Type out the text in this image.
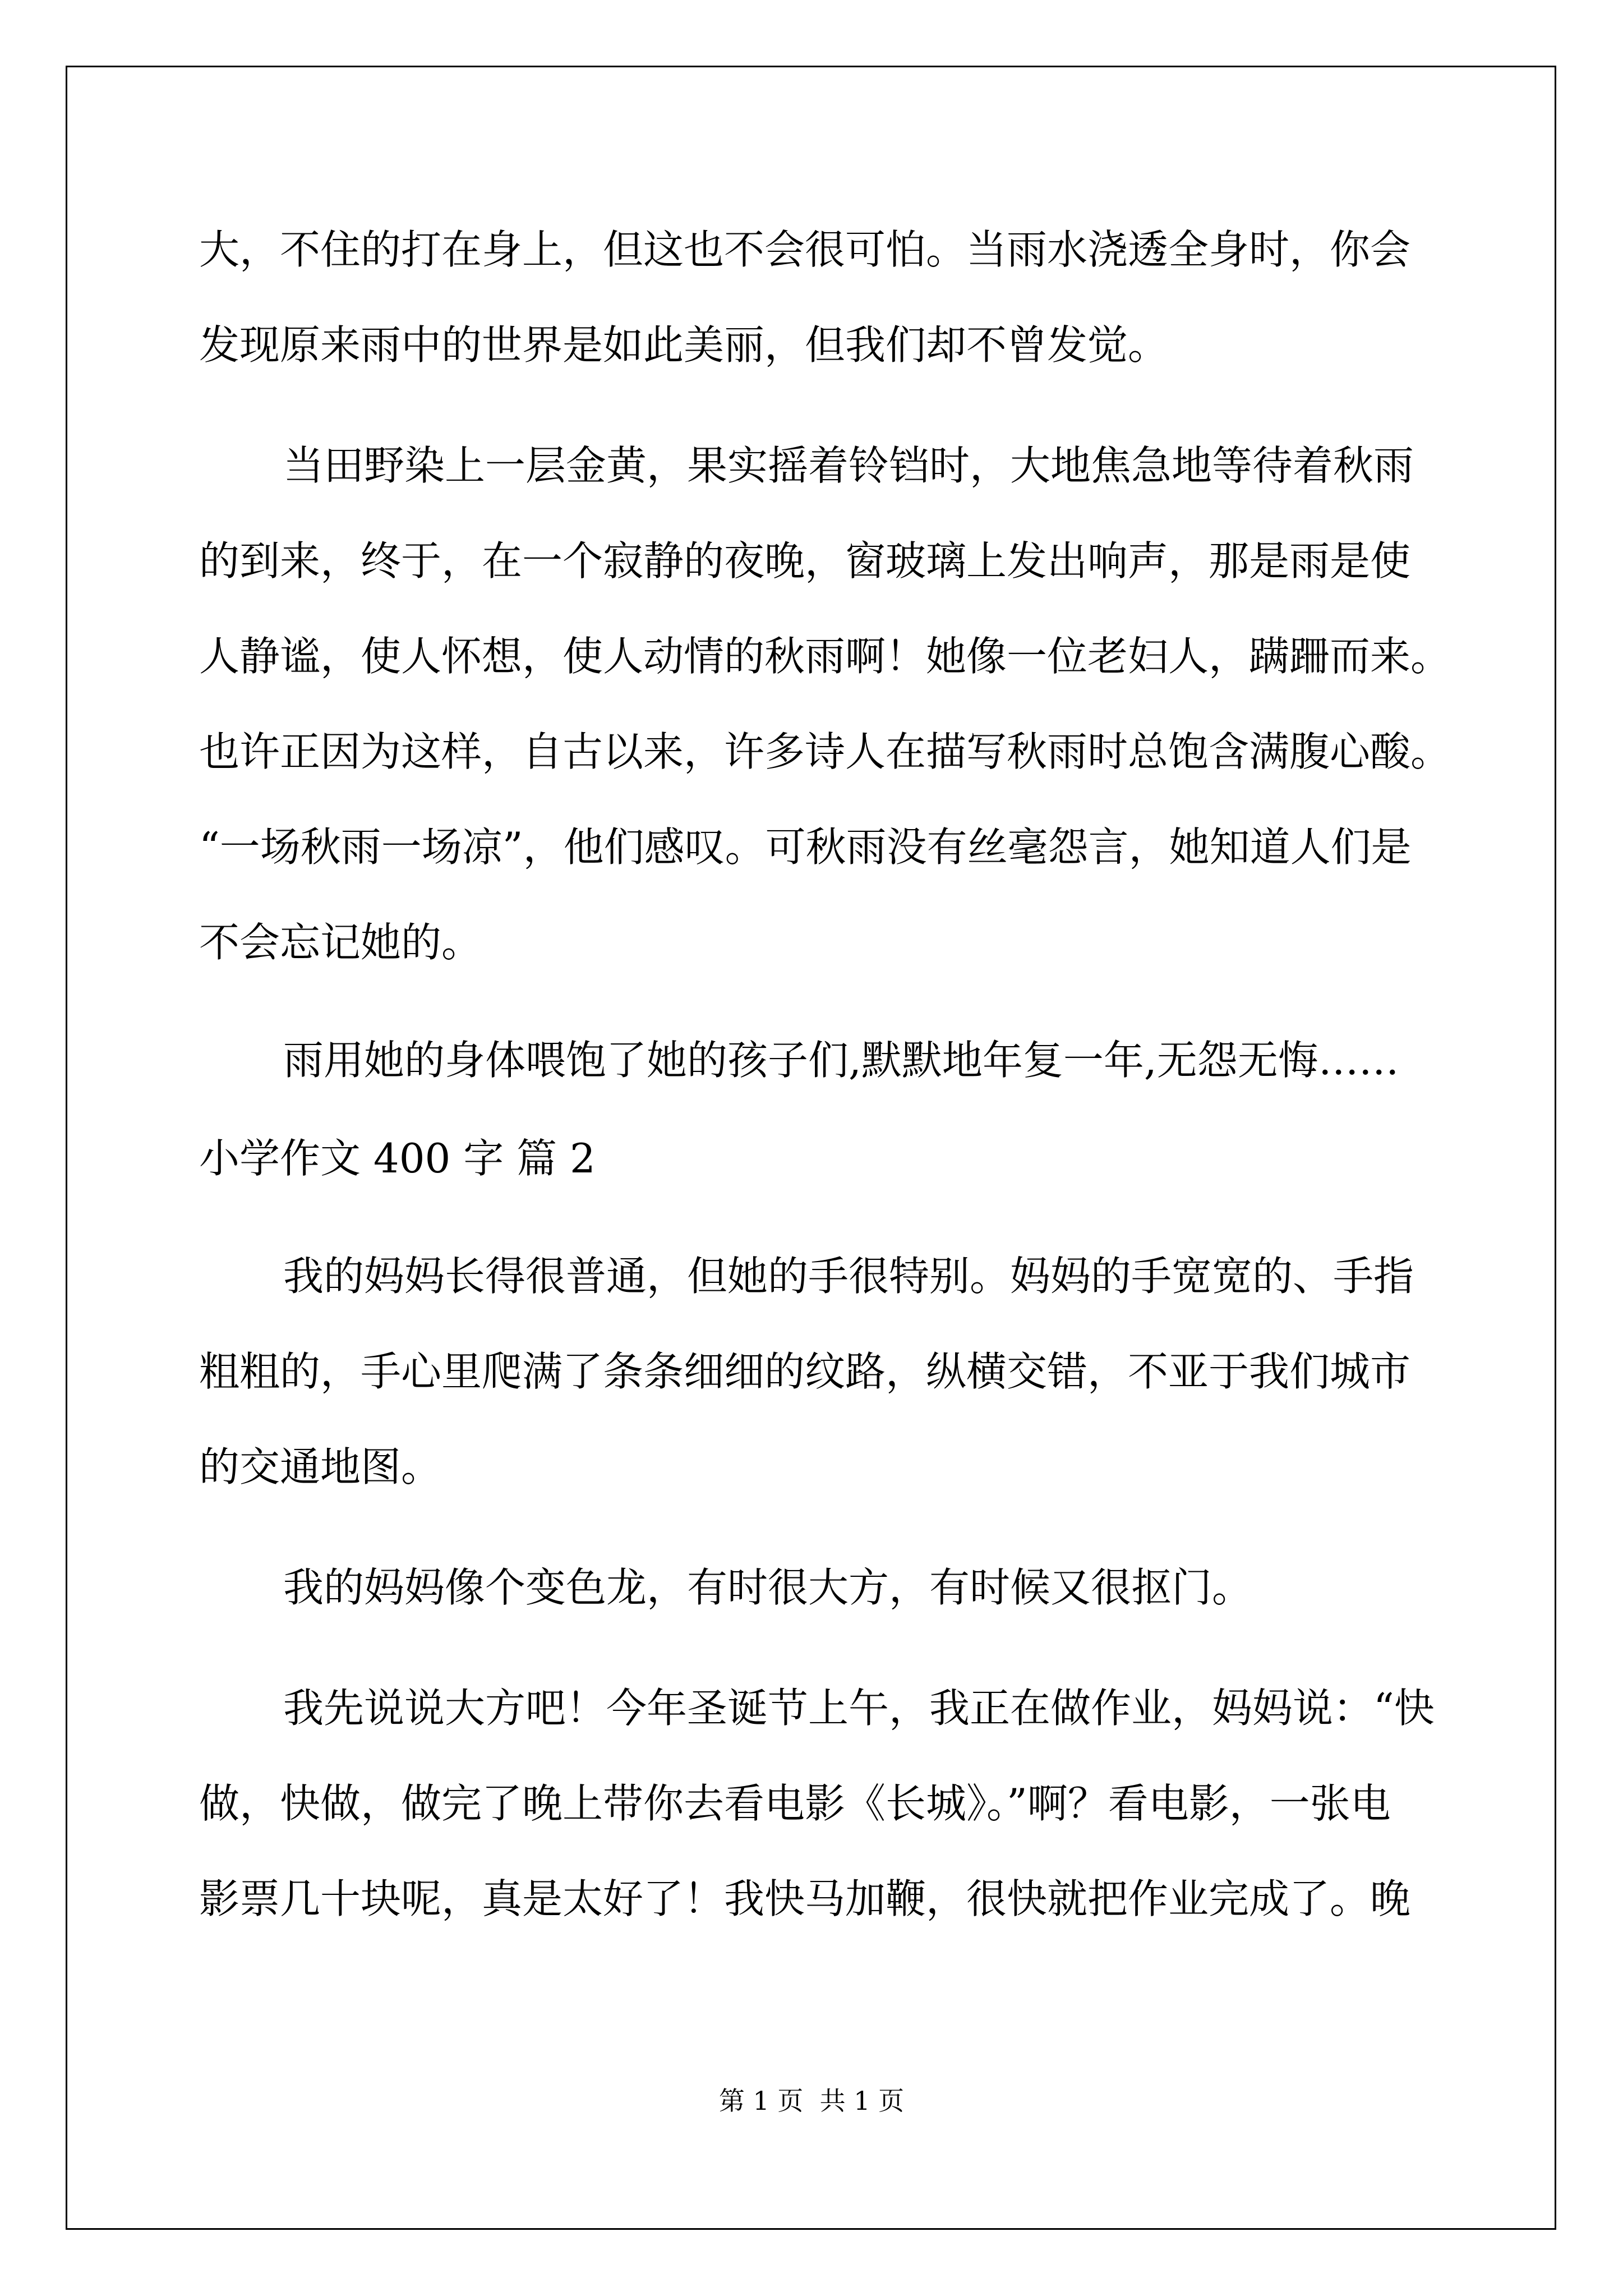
大，不住的打在身上，但这也不会很可怕。当雨水浇透全身时，你会
发现原来雨中的世界是如此美丽，但我们却不曾发觉。
当田野染上一层金黄，果实摇着铃铛时，大地焦急地等待着秋雨
的到来，终于，在一个寂静的夜晚，窗玻璃上发出响声，那是雨是使
人静谧，使人怀想，使人动情的秋雨啊！她像一位老妇人，蹒跚而来。
也许正因为这样，自古以来，许多诗人在描写秋雨时总饱含满腹心酸。
“一场秋雨一场凉”，他们感叹。可秋雨没有丝毫怨言，她知道人们是
不会忘记她的。
雨用她的身体喂饱了她的孩子们,默默地年复一年,无怨无悔……
小学作文 400 字 篇 2
我的妈妈长得很普通，但她的手很特别。妈妈的手宽宽的、手指
粗粗的，手心里爬满了条条细细的纹路，纵横交错，不亚于我们城市
的交通地图。
我的妈妈像个变色龙，有时很大方，有时候又很抠门。
我先说说大方吧！今年圣诞节上午，我正在做作业，妈妈说：“快
做，快做，做完了晚上带你去看电影《长城》。”啊？看电影，一张电
影票几十块呢，真是太好了！我快马加鞭，很快就把作业完成了。晚
第 1 页  共 1 页
